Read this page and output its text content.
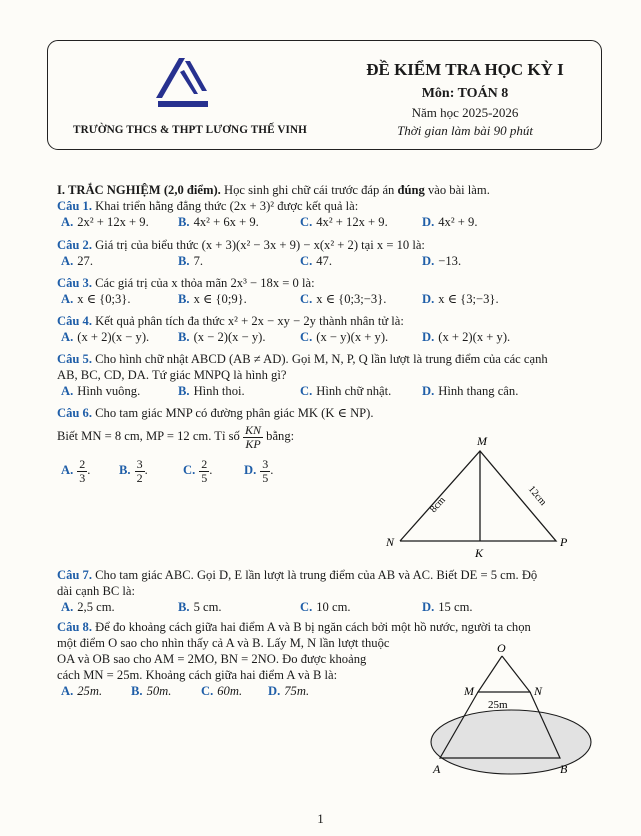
TRƯỜNG THCS & THPT LƯƠNG THẾ VINH
ĐỀ KIỂM TRA HỌC KỲ I
Môn: TOÁN 8
Năm học 2025-2026
Thời gian làm bài 90 phút
I. TRẮC NGHIỆM (2,0 điểm). Học sinh ghi chữ cái trước đáp án đúng vào bài làm.
Câu 1. Khai triển hằng đẳng thức (2x + 3)² được kết quả là:
A. 2x² + 12x + 9. B. 4x² + 6x + 9.	C. 4x² + 12x + 9.	D. 4x² + 9.
Câu 2. Giá trị của biểu thức (x + 3)(x² − 3x + 9) − x(x² + 2) tại x = 10 là:
A. 27.	B. 7.	C. 47.	D. −13.
Câu 3. Các giá trị của x thỏa mãn 2x³ − 18x = 0 là:
A. x ∈ {0;3}.	B. x ∈ {0;9}.	C. x ∈ {0;3;−3}.	D. x ∈ {3;−3}.
Câu 4. Kết quả phân tích đa thức x² + 2x − xy − 2y thành nhân tử là:
A. (x + 2)(x − y). B. (x − 2)(x − y).	C. (x − y)(x + y).	D. (x + 2)(x + y).
Câu 5. Cho hình chữ nhật ABCD (AB ≠ AD). Gọi M, N, P, Q lần lượt là trung điểm của các cạnh
AB, BC, CD, DA. Tứ giác MNPQ là hình gì?
A. Hình vuông.	B. Hình thoi.	C. Hình chữ nhật. D. Hình thang cân.
Câu 6. Cho tam giác MNP có đường phân giác MK (K ∈ NP).
Biết MN = 8 cm, MP = 12 cm. Tỉ số $\frac{KN}{KP}$ bằng:
A. $\frac{2}{3}$ . B. $\frac{3}{2}$ .	C. $\frac{2}{5}$ .	D. $\frac{3}{5}$ .
M
N	P
K
8cm	12cm
Câu 7. Cho tam giác ABC. Gọi D, E lần lượt là trung điểm của AB và AC. Biết DE = 5 cm. Độ
dài cạnh BC là:
A. 2,5 cm.	B. 5 cm.	C. 10 cm.	D. 15 cm.
Câu 8. Để đo khoảng cách giữa hai điểm A và B bị ngăn cách bởi một hồ nước, người ta chọn
một điểm O sao cho nhìn thấy cả A và B. Lấy M, N lần lượt thuộc
OA và OB sao cho AM = 2MO, BN = 2NO. Đo được khoảng
cách MN = 25m. Khoảng cách giữa hai điểm A và B là:
A. 25m. B. 50m. C. 60m. D. 75m.
O
M	N
25m
A	B
1
